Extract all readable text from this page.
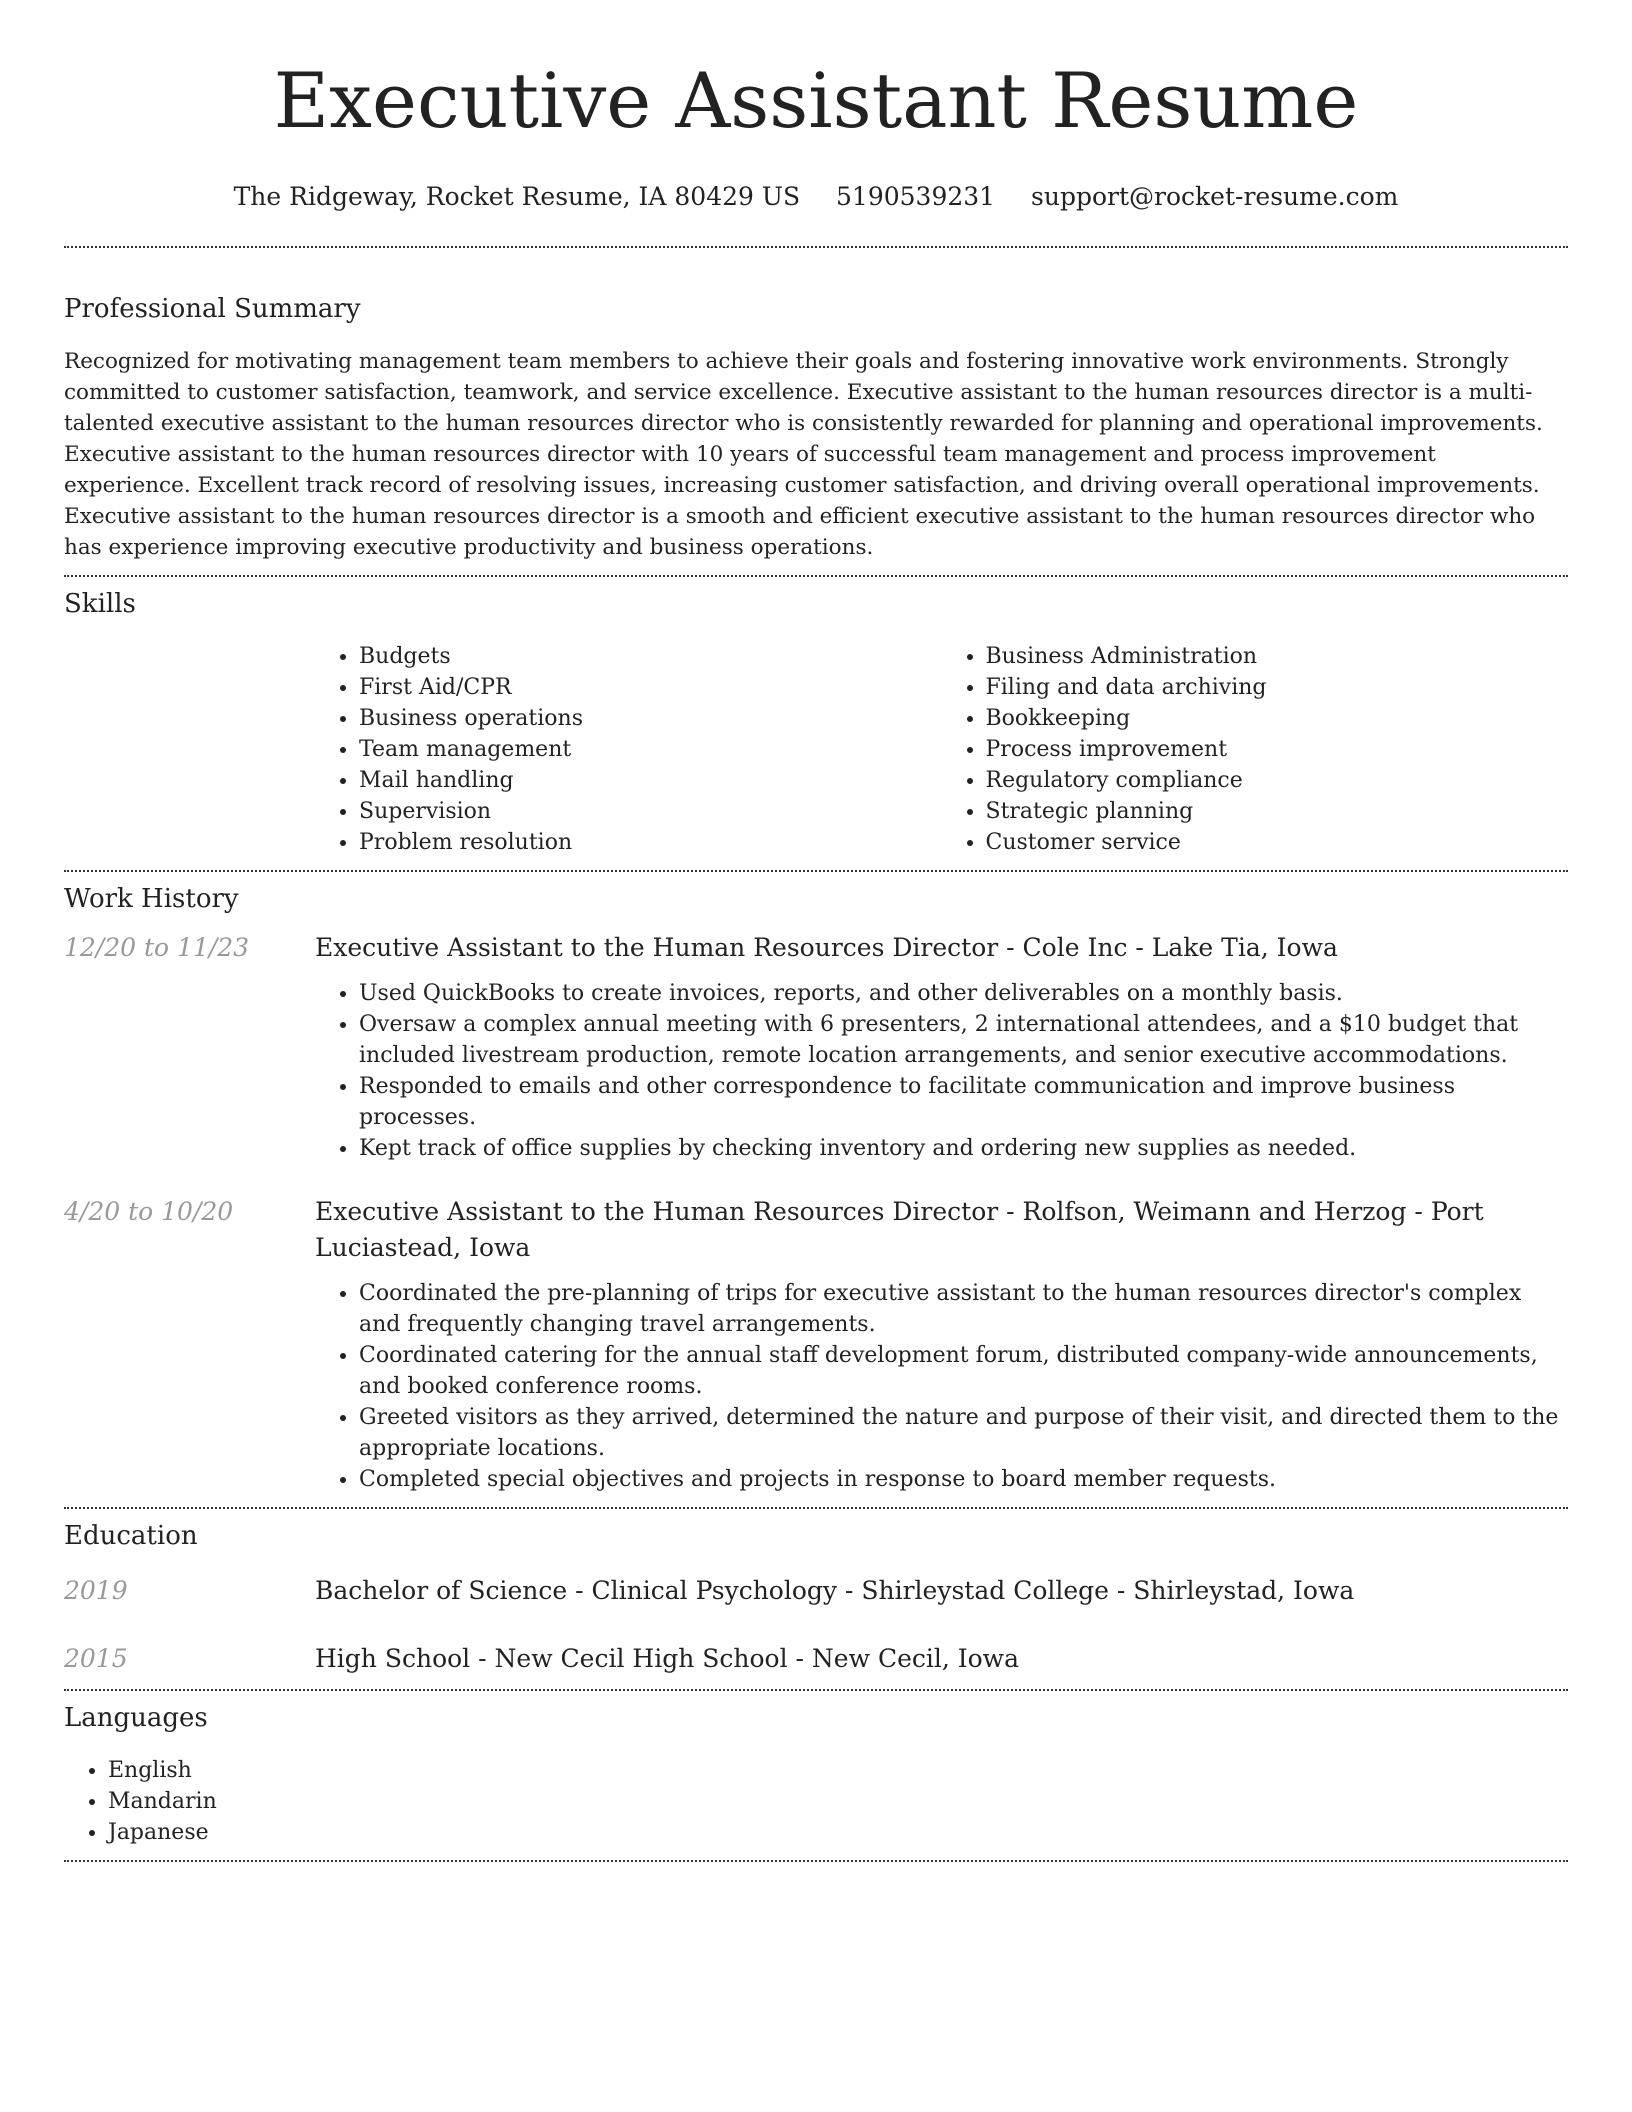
Executive Assistant Resume
The Ridgeway, Rocket Resume, IA 80429 US 5190539231 support@rocket-resume.com
Professional Summary

Recognized for motivating management team members to achieve their goals and fostering innovative work environments. Strongly committed to customer satisfaction, teamwork, and service excellence. Executive assistant to the human resources director is a multi-talented executive assistant to the human resources director who is consistently rewarded for planning and operational improvements. Executive assistant to the human resources director with 10 years of successful team management and process improvement experience. Excellent track record of resolving issues, increasing customer satisfaction, and driving overall operational improvements. Executive assistant to the human resources director is a smooth and efficient executive assistant to the human resources director who has experience improving executive productivity and business operations.

Skills
• Budgets
• First Aid/CPR
• Business operations
• Team management
• Mail handling
• Supervision
• Problem resolution
• Business Administration
• Filing and data archiving
• Bookkeeping
• Process improvement
• Regulatory compliance
• Strategic planning
• Customer service
Work History
12/20 to 11/23	Executive Assistant to the Human Resources Director - Cole Inc - Lake Tia, Iowa
• Used QuickBooks to create invoices, reports, and other deliverables on a monthly basis.
• Oversaw a complex annual meeting with 6 presenters, 2 international attendees, and a $10 budget that included livestream production, remote location arrangements, and senior executive accommodations.
• Responded to emails and other correspondence to facilitate communication and improve business processes.
• Kept track of office supplies by checking inventory and ordering new supplies as needed.
4/20 to 10/20	Executive Assistant to the Human Resources Director - Rolfson, Weimann and Herzog - Port Luciastead, Iowa
• Coordinated the pre-planning of trips for executive assistant to the human resources director's complex and frequently changing travel arrangements.
• Coordinated catering for the annual staff development forum, distributed company-wide announcements, and booked conference rooms.
• Greeted visitors as they arrived, determined the nature and purpose of their visit, and directed them to the appropriate locations.
• Completed special objectives and projects in response to board member requests.
Education
2019	Bachelor of Science - Clinical Psychology - Shirleystad College - Shirleystad, Iowa
2015	High School - New Cecil High School - New Cecil, Iowa
Languages
• English
• Mandarin
• Japanese
